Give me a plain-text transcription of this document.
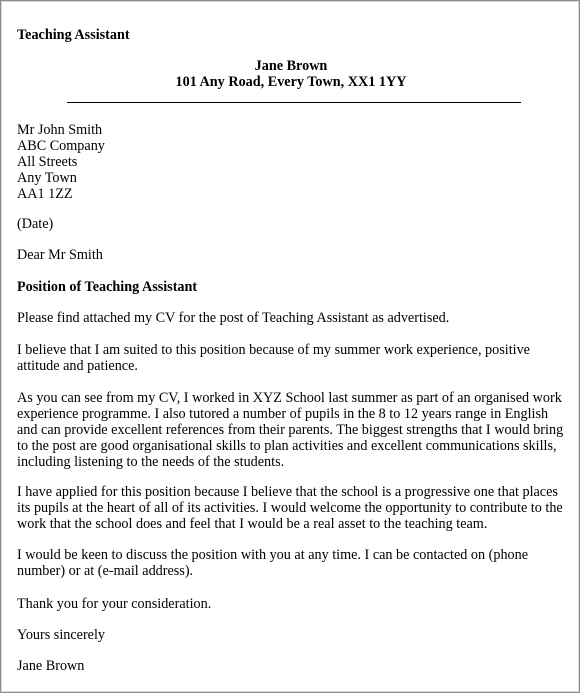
Teaching Assistant
Jane Brown
101 Any Road, Every Town, XX1 1YY
Mr John Smith
ABC Company
All Streets
Any Town
AA1 1ZZ
(Date)
Dear Mr Smith
Position of Teaching Assistant
Please find attached my CV for the post of Teaching Assistant as advertised.
I believe that I am suited to this position because of my summer work experience, positive attitude and patience.
As you can see from my CV, I worked in XYZ School last summer as part of an organised work experience programme. I also tutored a number of pupils in the 8 to 12 years range in English and can provide excellent references from their parents. The biggest strengths that I would bring to the post are good organisational skills to plan activities and excellent communications skills, including listening to the needs of the students.
I have applied for this position because I believe that the school is a progressive one that places its pupils at the heart of all of its activities. I would welcome the opportunity to contribute to the work that the school does and feel that I would be a real asset to the teaching team.
I would be keen to discuss the position with you at any time. I can be contacted on (phone number) or at (e-mail address).
Thank you for your consideration.
Yours sincerely
Jane Brown
